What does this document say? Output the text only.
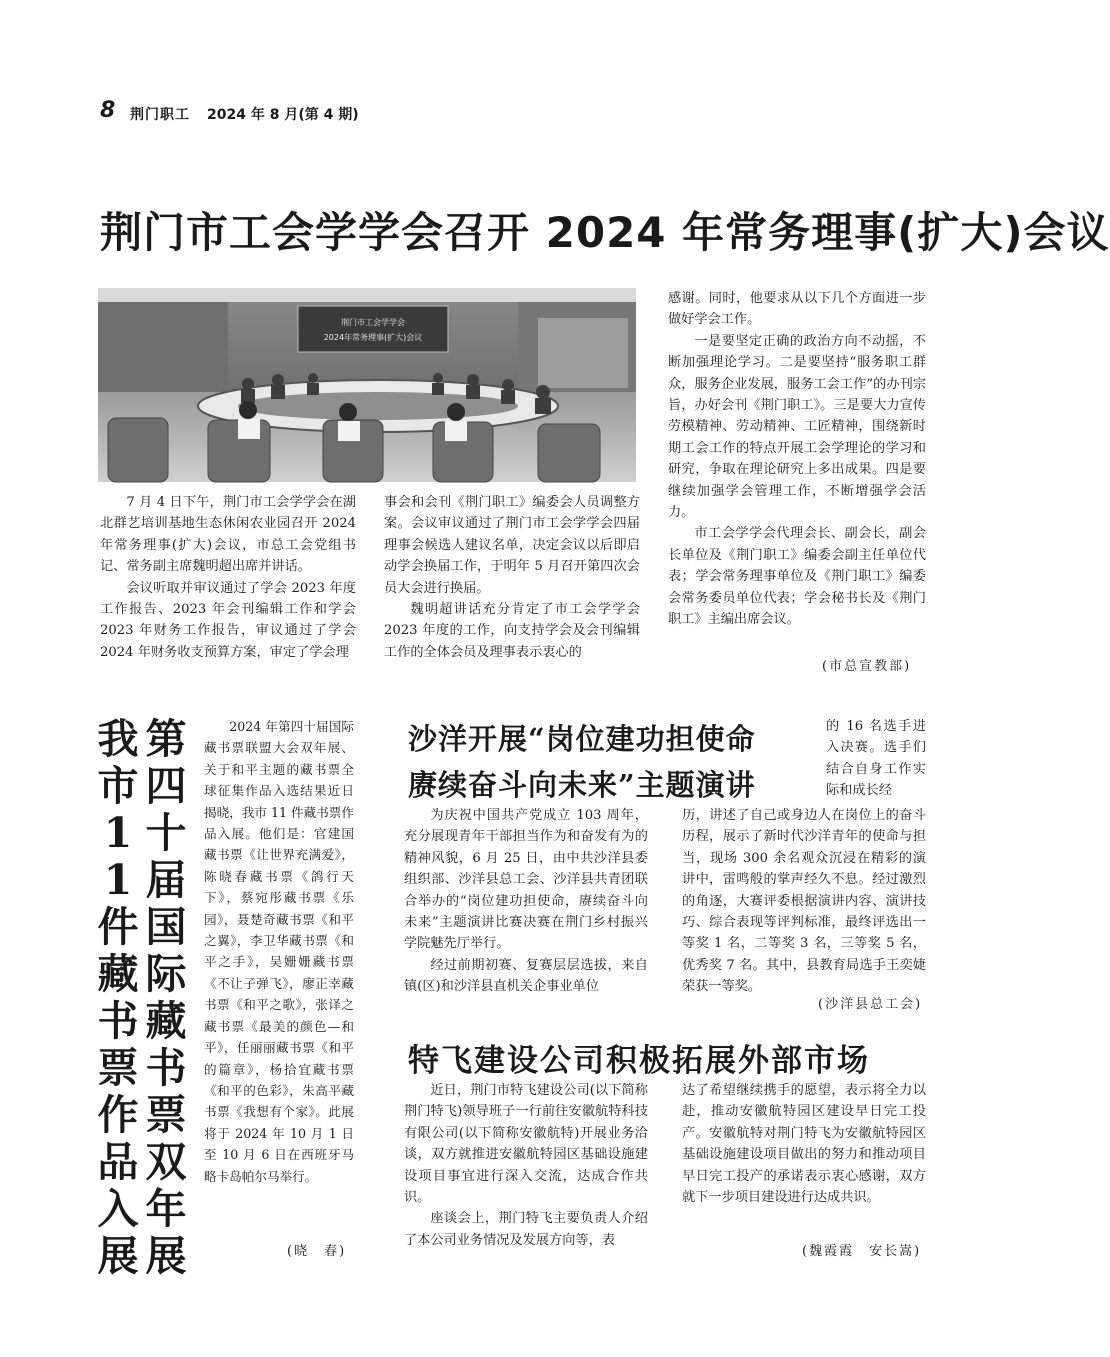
8 荆门职工 2024 年 8 月(第 4 期)
荆门市工会学学会召开 2024 年常务理事(扩大)会议
荆门市工会学学会
2024年常务理事(扩大)会议
7 月 4 日下午，荆门市工会学学会在湖北群艺培训基地生态休闲农业园召开 2024 年常务理事(扩大)会议，市总工会党组书记、常务副主席魏明超出席并讲话。
会议听取并审议通过了学会 2023 年度工作报告、2023 年会刊编辑工作和学会 2023 年财务工作报告，审议通过了学会 2024 年财务收支预算方案，审定了学会理
事会和会刊《荆门职工》编委会人员调整方案。会议审议通过了荆门市工会学学会四届理事会候选人建议名单，决定会议以后即启动学会换届工作，于明年 5 月召开第四次会员大会进行换届。
魏明超讲话充分肯定了市工会学学会 2023 年度的工作，向支持学会及会刊编辑工作的全体会员及理事表示衷心的
感谢。同时，他要求从以下几个方面进一步做好学会工作。
一是要坚定正确的政治方向不动摇，不断加强理论学习。二是要坚持“服务职工群众，服务企业发展，服务工会工作”的办刊宗旨，办好会刊《荆门职工》。三是要大力宣传劳模精神、劳动精神、工匠精神，围绕新时期工会工作的特点开展工会学理论的学习和研究，争取在理论研究上多出成果。四是要继续加强学会管理工作，不断增强学会活力。
市工会学学会代理会长、副会长，副会长单位及《荆门职工》编委会副主任单位代表；学会常务理事单位及《荆门职工》编委会常务委员单位代表；学会秘书长及《荆门职工》主编出席会议。
(市总宣教部)
第四十届国际藏书票双年展
我市 11 件藏书票作品入展
2024 年第四十届国际藏书票联盟大会双年展、关于和平主题的藏书票全球征集作品入选结果近日揭晓，我市 11 件藏书票作品入展。他们是：官建国藏书票《让世界充满爱》，陈晓春藏书票《鸽行天下》，蔡宛彤藏书票《乐园》，聂楚奇藏书票《和平之翼》，李卫华藏书票《和平之手》，吴姗姗藏书票《不让子弹飞》，廖正幸藏书票《和平之歌》，张译之藏书票《最美的颜色—和平》，任丽丽藏书票《和平的篇章》，杨拾宜藏书票《和平的色彩》，朱高平藏书票《我想有个家》。此展将于 2024 年 10 月 1 日至 10 月 6 日在西班牙马略卡岛帕尔马举行。
(晓　春)
沙洋开展“岗位建功担使命
赓续奋斗向未来”主题演讲
为庆祝中国共产党成立 103 周年，充分展现青年干部担当作为和奋发有为的精神风貌，6 月 25 日，由中共沙洋县委组织部、沙洋县总工会、沙洋县共青团联合举办的“岗位建功担使命，赓续奋斗向未来”主题演讲比赛决赛在荆门乡村振兴学院魅先厅举行。
经过前期初赛、复赛层层选拔，来自镇(区)和沙洋县直机关企事业单位
的 16 名选手进入决赛。选手们结合自身工作实际和成长经
历，讲述了自己或身边人在岗位上的奋斗历程，展示了新时代沙洋青年的使命与担当，现场 300 余名观众沉浸在精彩的演讲中，雷鸣般的掌声经久不息。经过激烈的角逐，大赛评委根据演讲内容、演讲技巧、综合表现等评判标准，最终评选出一等奖 1 名，二等奖 3 名，三等奖 5 名，优秀奖 7 名。其中，县教育局选手王奕婕荣获一等奖。
(沙洋县总工会)
特飞建设公司积极拓展外部市场
近日，荆门市特飞建设公司(以下简称荆门特飞)领导班子一行前往安徽航特科技有限公司(以下简称安徽航特)开展业务洽谈，双方就推进安徽航特园区基础设施建设项目事宜进行深入交流，达成合作共识。
座谈会上，荆门特飞主要负责人介绍了本公司业务情况及发展方向等，表
达了希望继续携手的愿望，表示将全力以赴，推动安徽航特园区建设早日完工投产。安徽航特对荆门特飞为安徽航特园区基础设施建设项目做出的努力和推动项目早日完工投产的承诺表示衷心感谢，双方就下一步项目建设进行达成共识。
(魏霞霞　安长嵩)
